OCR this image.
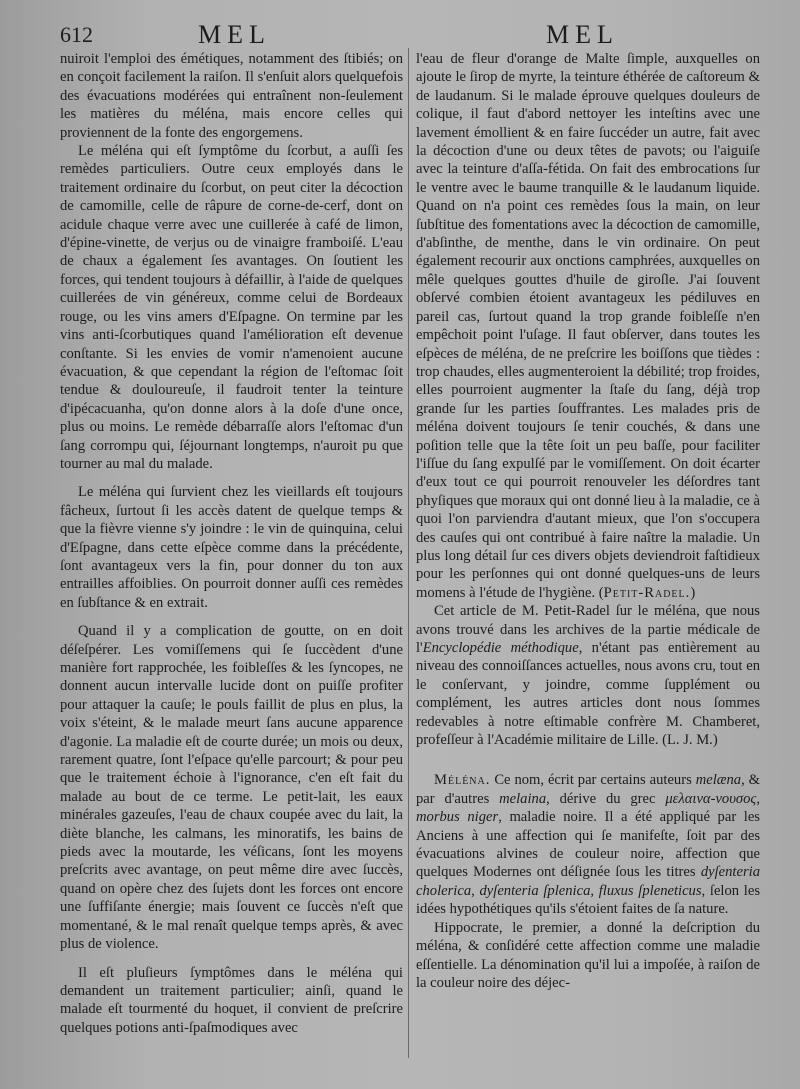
612	MEL	MEL

nuiroit l'emploi des émétiques, notamment des ſtibiés; on en conçoit facilement la raiſon. Il s'enſuit alors quelquefois des évacuations modérées qui entraînent non-ſeulement les matières du méléna, mais encore celles qui proviennent de la fonte des engorgemens.

Le méléna qui eſt ſymptôme du ſcorbut, a auſſi ſes remèdes particuliers. Outre ceux employés dans le traitement ordinaire du ſcorbut, on peut citer la décoction de camomille, celle de râpure de corne-de-cerf, dont on acidule chaque verre avec une cuillerée à café de limon, d'épine-vinette, de verjus ou de vinaigre framboiſé. L'eau de chaux a également ſes avantages. On ſoutient les forces, qui tendent toujours à défaillir, à l'aide de quelques cuillerées de vin généreux, comme celui de Bordeaux rouge, ou les vins amers d'Eſpagne. On termine par les vins anti-ſcorbutiques quand l'amélioration eſt devenue conſtante. Si les envies de vomir n'amenoient aucune évacuation, & que cependant la région de l'eſtomac ſoit tendue & douloureuſe, il faudroit tenter la teinture d'ipécacuanha, qu'on donne alors à la doſe d'une once, plus ou moins. Le remède débarraſſe alors l'eſtomac d'un ſang corrompu qui, ſéjournant longtemps, n'auroit pu que tourner au mal du malade.

Le méléna qui ſurvient chez les vieillards eſt toujours fâcheux, ſurtout ſi les accès datent de quelque temps & que la fièvre vienne s'y joindre : le vin de quinquina, celui d'Eſpagne, dans cette eſpèce comme dans la précédente, ſont avantageux vers la fin, pour donner du ton aux entrailles affoiblies. On pourroit donner auſſi ces remèdes en ſubſtance & en extrait.

Quand il y a complication de goutte, on en doit déſeſpérer. Les vomiſſemens qui ſe ſuccèdent d'une manière fort rapprochée, les foibleſſes & les ſyncopes, ne donnent aucun intervalle lucide dont on puiſſe profiter pour attaquer la cauſe; le pouls faillit de plus en plus, la voix s'éteint, & le malade meurt ſans aucune apparence d'agonie. La maladie eſt de courte durée; un mois ou deux, rarement quatre, ſont l'eſpace qu'elle parcourt; & pour peu que le traitement échoie à l'ignorance, c'en eſt fait du malade au bout de ce terme. Le petit-lait, les eaux minérales gazeuſes, l'eau de chaux coupée avec du lait, la diète blanche, les calmans, les minoratifs, les bains de pieds avec la moutarde, les véſicans, ſont les moyens preſcrits avec avantage, on peut même dire avec ſuccès, quand on opère chez des ſujets dont les forces ont encore une ſuffiſante énergie; mais ſouvent ce ſuccès n'eſt que momentané, & le mal renaît quelque temps après, & avec plus de violence.

Il eſt pluſieurs ſymptômes dans le méléna qui demandent un traitement particulier; ainſi, quand le malade eſt tourmenté du hoquet, il convient de preſcrire quelques potions anti-ſpaſmodiques avec

l'eau de fleur d'orange de Malte ſimple, auxquelles on ajoute le ſirop de myrte, la teinture éthérée de caſtoreum & de laudanum. Si le malade éprouve quelques douleurs de colique, il faut d'abord nettoyer les inteſtins avec une lavement émollient & en faire ſuccéder un autre, fait avec la décoction d'une ou deux têtes de pavots; ou l'aiguiſe avec la teinture d'aſſa-fétida. On fait des embrocations ſur le ventre avec le baume tranquille & le laudanum liquide. Quand on n'a point ces remèdes ſous la main, on leur ſubſtitue des fomentations avec la décoction de camomille, d'abſinthe, de menthe, dans le vin ordinaire. On peut également recourir aux onctions camphrées, auxquelles on mêle quelques gouttes d'huile de giroſle. J'ai ſouvent obſervé combien étoient avantageux les pédiluves en pareil cas, ſurtout quand la trop grande foibleſſe n'en empêchoit point l'uſage. Il faut obſerver, dans toutes les eſpèces de méléna, de ne preſcrire les boiſſons que tièdes : trop chaudes, elles augmenteroient la débilité; trop froides, elles pourroient augmenter la ſtaſe du ſang, déjà trop grande ſur les parties ſouffrantes. Les malades pris de méléna doivent toujours ſe tenir couchés, & dans une poſition telle que la tête ſoit un peu baſſe, pour faciliter l'iſſue du ſang expulſé par le vomiſſement. On doit écarter d'eux tout ce qui pourroit renouveler les déſordres tant phyſiques que moraux qui ont donné lieu à la maladie, ce à quoi l'on parviendra d'autant mieux, que l'on s'occupera des cauſes qui ont contribué à faire naître la maladie. Un plus long détail ſur ces divers objets deviendroit faſtidieux pour les perſonnes qui ont donné quelques-uns de leurs momens à l'étude de l'hygiène. (Petit-Radel.)

Cet article de M. Petit-Radel ſur le méléna, que nous avons trouvé dans les archives de la partie médicale de l'Encyclopédie méthodique, n'étant pas entièrement au niveau des connoiſſances actuelles, nous avons cru, tout en le conſervant, y joindre, comme ſupplément ou complément, les autres articles dont nous ſommes redevables à notre eſtimable confrère M. Chamberet, profeſſeur à l'Académie militaire de Lille. (L. J. M.)

Méléna. Ce nom, écrit par certains auteurs melæna, & par d'autres melaina, dérive du grec μελαινα-νουσος, morbus niger, maladie noire. Il a été appliqué par les Anciens à une affection qui ſe manifeſte, ſoit par des évacuations alvines de couleur noire, affection que quelques Modernes ont déſignée ſous les titres dyſenteria cholerica, dyſenteria ſplenica, fluxus ſpleneticus, ſelon les idées hypothétiques qu'ils s'étoient faites de ſa nature.

Hippocrate, le premier, a donné la deſcription du méléna, & conſidéré cette affection comme une maladie eſſentielle. La dénomination qu'il lui a impoſée, à raiſon de la couleur noire des déjec-
